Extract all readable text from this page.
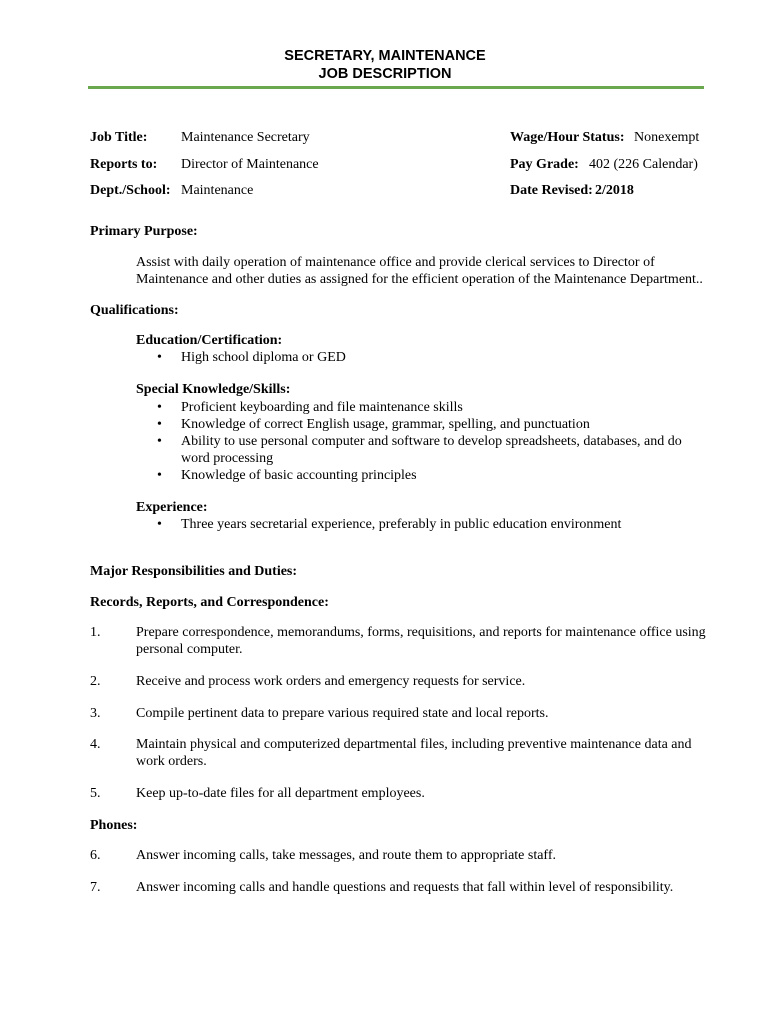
SECRETARY, MAINTENANCE
JOB DESCRIPTION
Job Title: Maintenance Secretary
Reports to: Director of Maintenance
Dept./School: Maintenance
Wage/Hour Status: Nonexempt
Pay Grade: 402 (226 Calendar)
Date Revised: 2/2018
Primary Purpose:
Assist with daily operation of maintenance office and provide clerical services to Director of
Maintenance and other duties as assigned for the efficient operation of the Maintenance Department..
Qualifications:
Education/Certification:
• High school diploma or GED
Special Knowledge/Skills:
• Proficient keyboarding and file maintenance skills
• Knowledge of correct English usage, grammar, spelling, and punctuation
• Ability to use personal computer and software to develop spreadsheets, databases, and do
word processing
• Knowledge of basic accounting principles
Experience:
• Three years secretarial experience, preferably in public education environment
Major Responsibilities and Duties:
Records, Reports, and Correspondence:
1.	Prepare correspondence, memorandums, forms, requisitions, and reports for maintenance office using
personal computer.
2.	Receive and process work orders and emergency requests for service.
3.	Compile pertinent data to prepare various required state and local reports.
4.	Maintain physical and computerized departmental files, including preventive maintenance data and
work orders.
5.	Keep up-to-date files for all department employees.
Phones:
6.	Answer incoming calls, take messages, and route them to appropriate staff.
7.	Answer incoming calls and handle questions and requests that fall within level of responsibility.
